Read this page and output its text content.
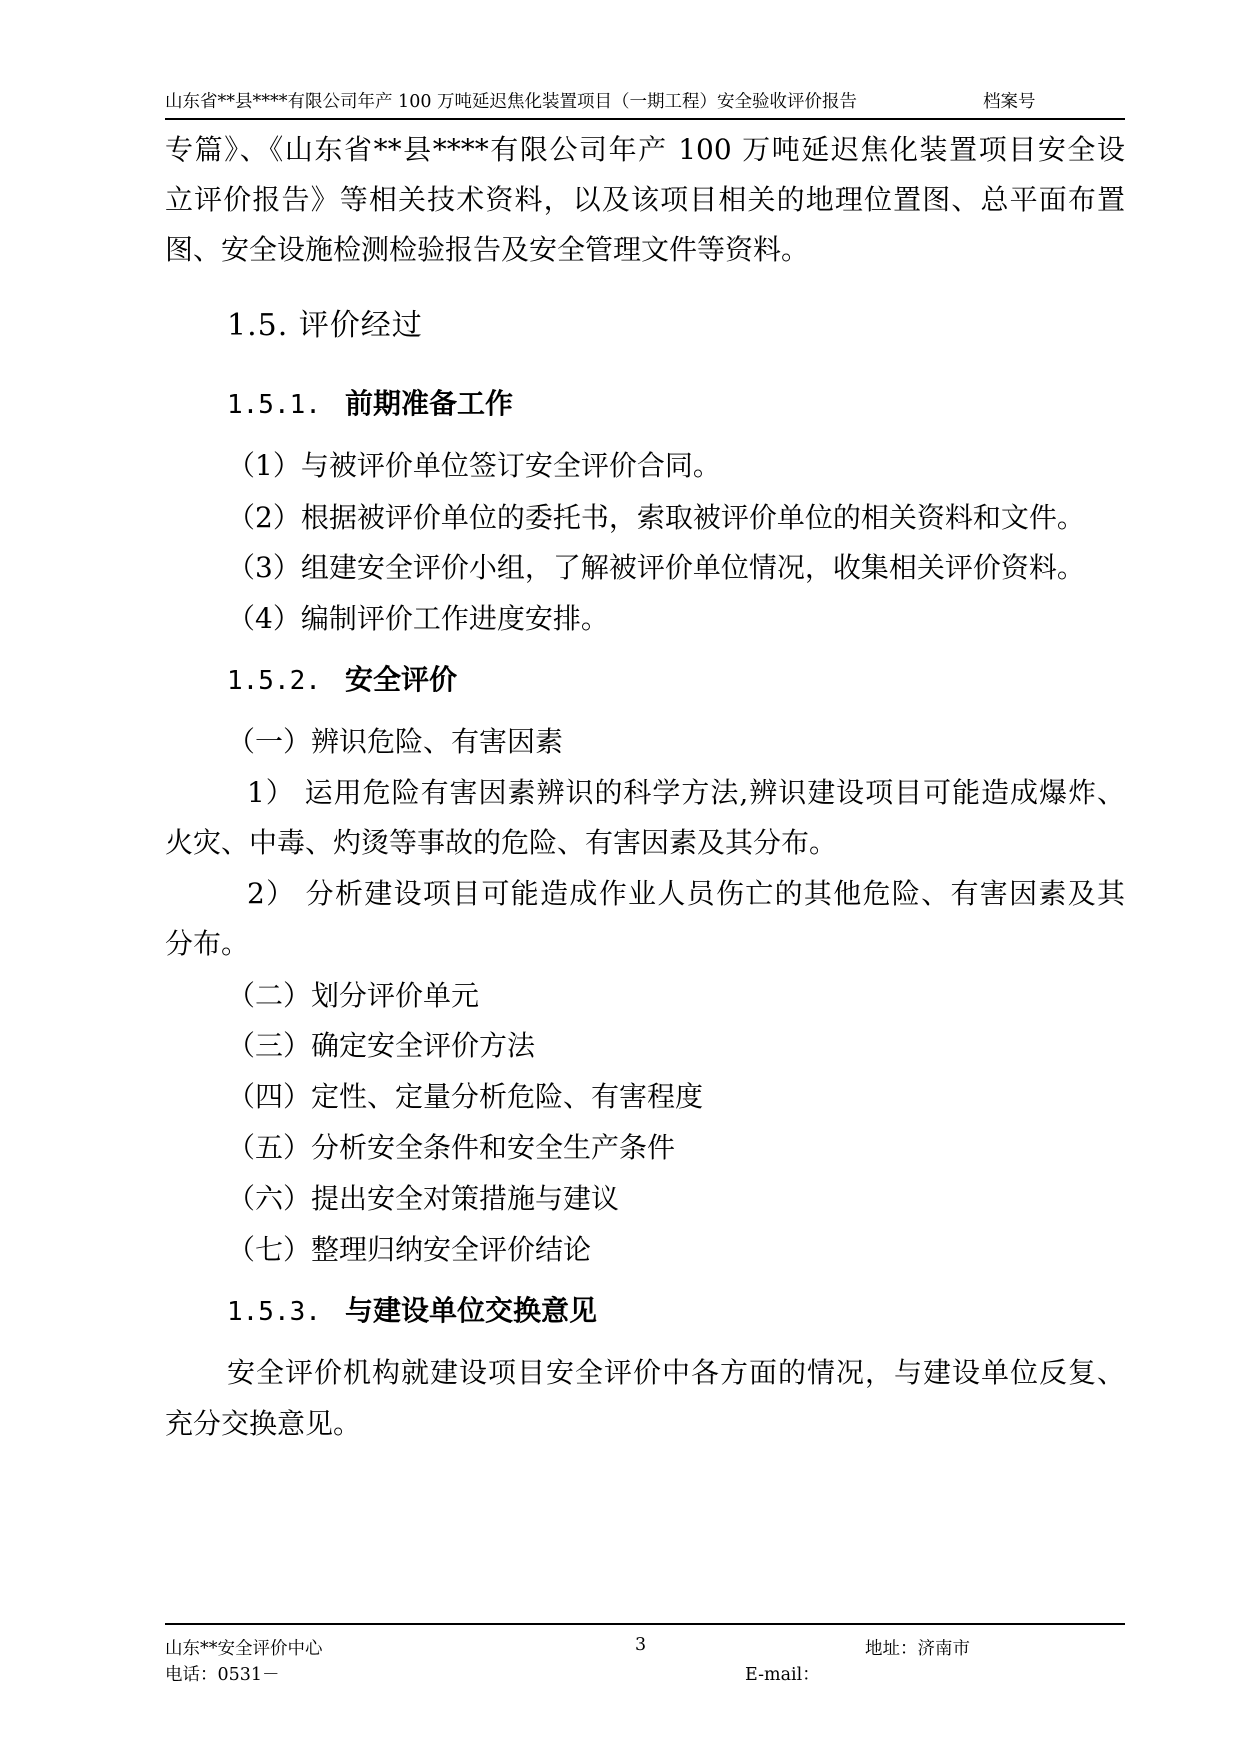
山东省**县****有限公司年产 100 万吨延迟焦化装置项目（一期工程）安全验收评价报告	档案号
专篇》、《山东省**县****有限公司年产 100 万吨延迟焦化装置项目安全设
立评价报告》等相关技术资料，以及该项目相关的地理位置图、总平面布置
图、安全设施检测检验报告及安全管理文件等资料。
1.5. 评价经过
1.5.1. 前期准备工作
（1）与被评价单位签订安全评价合同。
（2）根据被评价单位的委托书，索取被评价单位的相关资料和文件。
（3）组建安全评价小组，了解被评价单位情况，收集相关评价资料。
（4）编制评价工作进度安排。
1.5.2. 安全评价
（一）辨识危险、有害因素
1） 运用危险有害因素辨识的科学方法,辨识建设项目可能造成爆炸、
火灾、中毒、灼烫等事故的危险、有害因素及其分布。
2） 分析建设项目可能造成作业人员伤亡的其他危险、有害因素及其
分布。
（二）划分评价单元
（三）确定安全评价方法
（四）定性、定量分析危险、有害程度
（五）分析安全条件和安全生产条件
（六）提出安全对策措施与建议
（七）整理归纳安全评价结论
1.5.3. 与建设单位交换意见
安全评价机构就建设项目安全评价中各方面的情况，与建设单位反复、
充分交换意见。
山东**安全评价中心	3	地址：济南市
电话：0531－	E-mail：
